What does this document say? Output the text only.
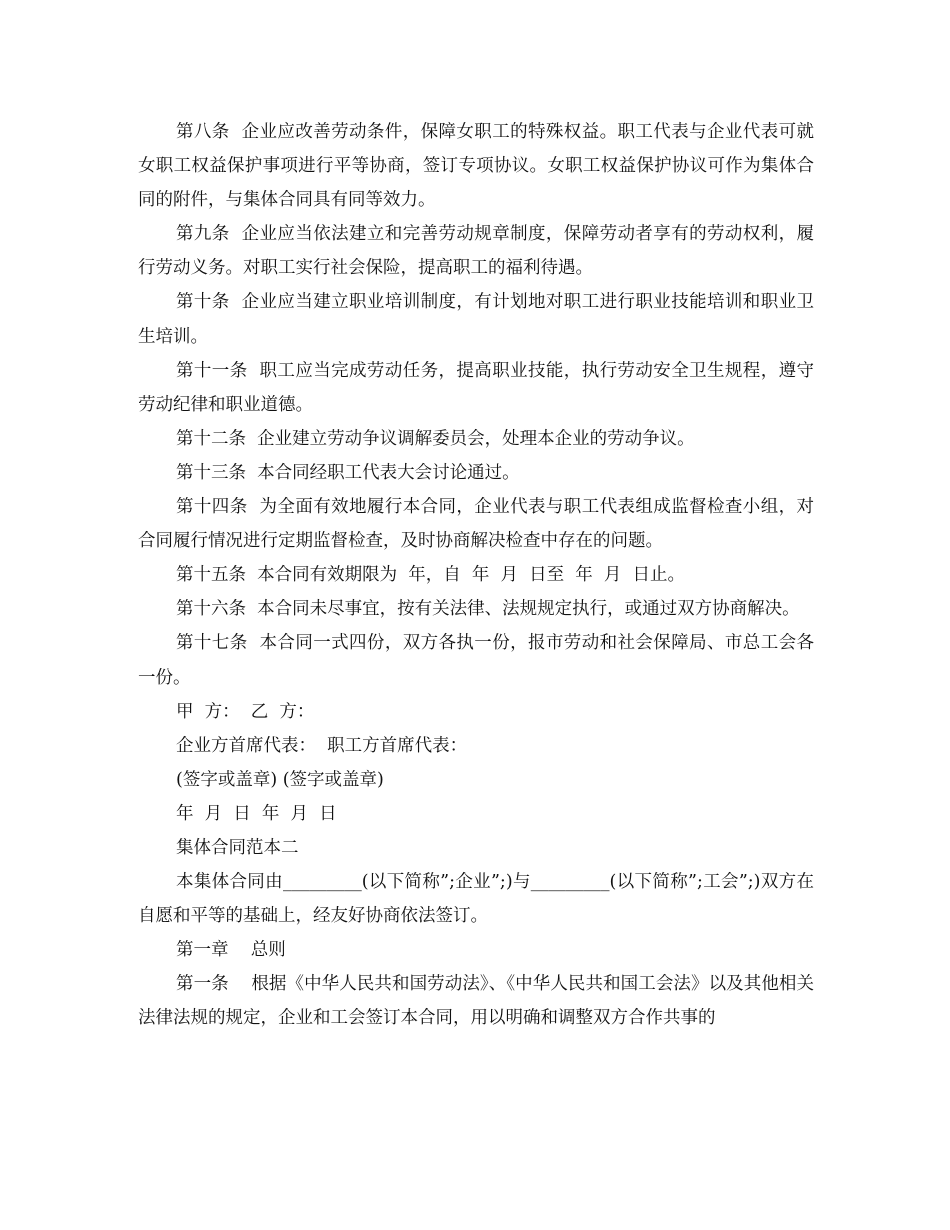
第八条  企业应改善劳动条件，保障女职工的特殊权益。职工代表与企业代表可就女职工权益保护事项进行平等协商，签订专项协议。女职工权益保护协议可作为集体合同的附件，与集体合同具有同等效力。

第九条  企业应当依法建立和完善劳动规章制度，保障劳动者享有的劳动权利，履行劳动义务。对职工实行社会保险，提高职工的福利待遇。

第十条  企业应当建立职业培训制度，有计划地对职工进行职业技能培训和职业卫生培训。

第十一条  职工应当完成劳动任务，提高职业技能，执行劳动安全卫生规程，遵守劳动纪律和职业道德。

第十二条  企业建立劳动争议调解委员会，处理本企业的劳动争议。

第十三条  本合同经职工代表大会讨论通过。

第十四条  为全面有效地履行本合同，企业代表与职工代表组成监督检查小组，对合同履行情况进行定期监督检查，及时协商解决检查中存在的问题。

第十五条  本合同有效期限为  年，自  年  月  日至  年  月  日止。

第十六条  本合同未尽事宜，按有关法律、法规规定执行，或通过双方协商解决。

第十七条  本合同一式四份，双方各执一份，报市劳动和社会保障局、市总工会各一份。

甲  方：  乙  方：

企业方首席代表：  职工方首席代表：

(签字或盖章) (签字或盖章)

年  月  日  年  月  日

集体合同范本二

本集体合同由_________(以下简称”;企业”;)与_________(以下简称”;工会”;)双方在自愿和平等的基础上，经友好协商依法签订。

第一章    总则

第一条    根据《中华人民共和国劳动法》、《中华人民共和国工会法》以及其他相关法律法规的规定，企业和工会签订本合同，用以明确和调整双方合作共事的
